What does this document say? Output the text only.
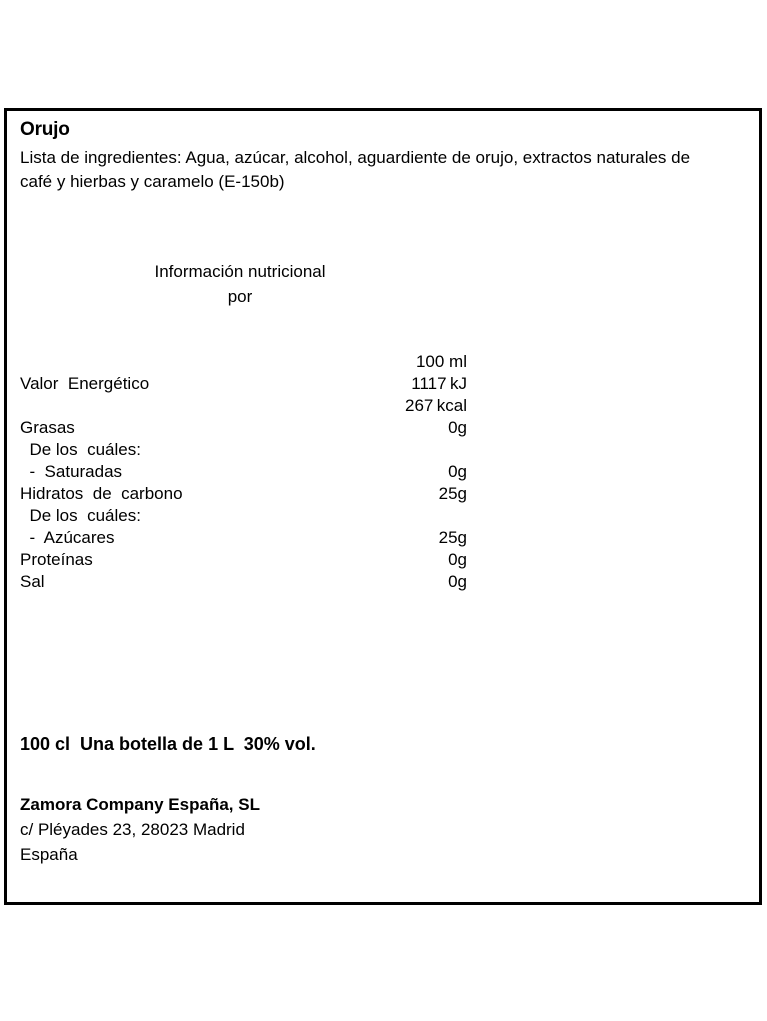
Orujo
Lista de ingredientes: Agua, azúcar, alcohol, aguardiente de orujo, extractos naturales de café y hierbas y caramelo (E-150b)
Información nutricional
por
	100 ml
Valor  Energético	1117 kJ
	267 kcal
Grasas	0g
De los  cuáles:	
-  Saturadas	0g
Hidratos  de  carbono	25g
De los  cuáles:	
-  Azúcares	25g
Proteínas	0g
Sal	0g
100 cl  Una botella de 1 L  30% vol.
Zamora Company España, SL
c/ Pléyades 23, 28023 Madrid
España
